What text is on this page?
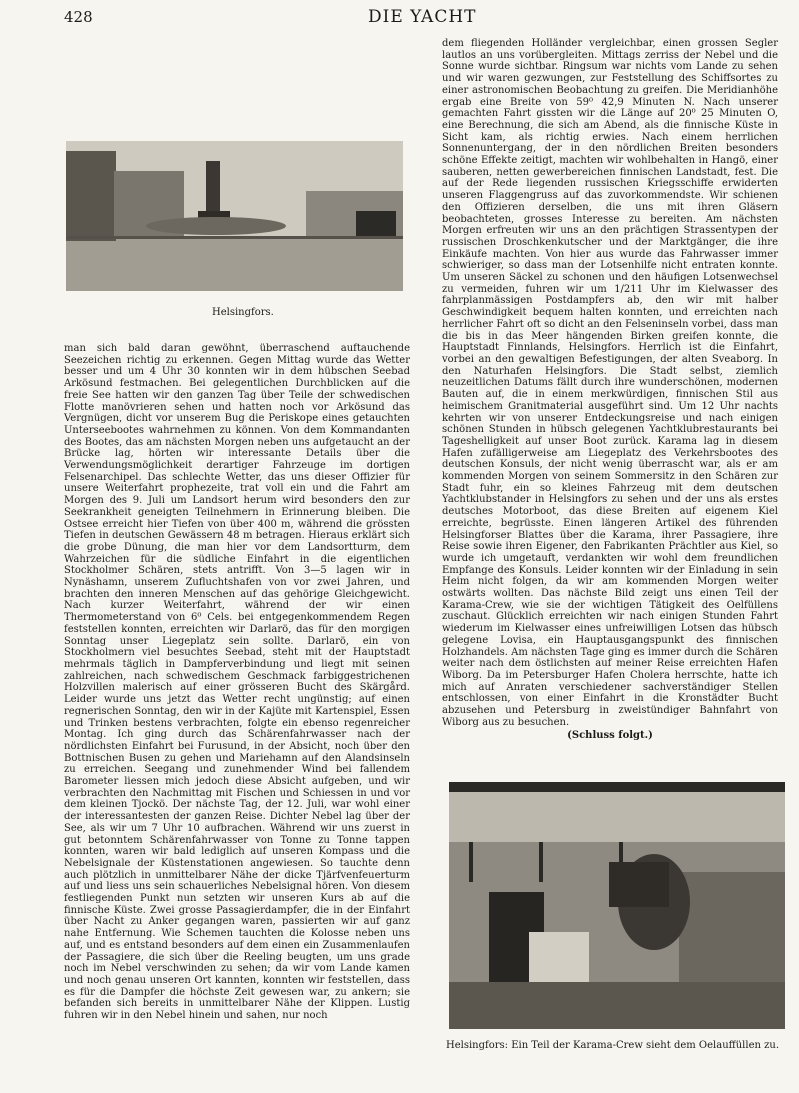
428	DIE YACHT
Helsingfors.

man sich bald daran gewöhnt, überraschend auftauchende Seezeichen richtig zu erkennen. Gegen Mittag wurde das Wetter besser und um 4 Uhr 30 konnten wir in dem hübschen Seebad Arkösund festmachen. Bei gelegentlichen Durchblicken auf die freie See hatten wir den ganzen Tag über Teile der schwedischen Flotte manövrieren sehen und hatten noch vor Arkösund das Vergnügen, dicht vor unserem Bug die Periskope eines getauchten Unterseebootes wahrnehmen zu können. Von dem Kommandanten des Bootes, das am nächsten Morgen neben uns aufgetaucht an der Brücke lag, hörten wir interessante Details über die Verwendungsmöglichkeit derartiger Fahrzeuge im dortigen Felsenarchipel. Das schlechte Wetter, das uns dieser Offizier für unsere Weiterfahrt prophezeite, trat voll ein und die Fahrt am Morgen des 9. Juli um Landsort herum wird besonders den zur Seekrankheit geneigten Teilnehmern in Erinnerung bleiben. Die Ostsee erreicht hier Tiefen von über 400 m, während die grössten Tiefen in deutschen Gewässern 48 m betragen. Hieraus erklärt sich die grobe Dünung, die man hier vor dem Landsortturm, dem Wahrzeichen für die südliche Einfahrt in die eigentlichen Stockholmer Schären, stets antrifft. Von 3—5 lagen wir in Nynäshamn, unserem Zufluchtshafen von vor zwei Jahren, und brachten den inneren Menschen auf das gehörige Gleichgewicht. Nach kurzer Weiterfahrt, während der wir einen Thermometerstand von 6⁰ Cels. bei entgegenkommendem Regen feststellen konnten, erreichten wir Darlarö, das für den morgigen Sonntag unser Liegeplatz sein sollte. Darlarö, ein von Stockholmern viel besuchtes Seebad, steht mit der Hauptstadt mehrmals täglich in Dampferverbindung und liegt mit seinen zahlreichen, nach schwedischem Geschmack farbiggestrichenen Holzvillen malerisch auf einer grösseren Bucht des Skärgård. Leider wurde uns jetzt das Wetter recht ungünstig; auf einen regnerischen Sonntag, den wir in der Kajüte mit Kartenspiel, Essen und Trinken bestens verbrachten, folgte ein ebenso regenreicher Montag. Ich ging durch das Schärenfahrwasser nach der nördlichsten Einfahrt bei Furusund, in der Absicht, noch über den Bottnischen Busen zu gehen und Mariehamn auf den Alandsinseln zu erreichen. Seegang und zunehmender Wind bei fallendem Barometer liessen mich jedoch diese Absicht aufgeben, und wir verbrachten den Nachmittag mit Fischen und Schiessen in und vor dem kleinen Tjockö. Der nächste Tag, der 12. Juli, war wohl einer der interessantesten der ganzen Reise. Dichter Nebel lag über der See, als wir um 7 Uhr 10 aufbrachen. Während wir uns zuerst in gut betonntem Schärenfahrwasser von Tonne zu Tonne tappen konnten, waren wir bald lediglich auf unseren Kompass und die Nebelsignale der Küstenstationen angewiesen. So tauchte denn auch plötzlich in unmittelbarer Nähe der dicke Tjärfvenfeuerturm auf und liess uns sein schauerliches Nebelsignal hören. Von diesem festliegenden Punkt nun setzten wir unseren Kurs ab auf die finnische Küste. Zwei grosse Passagierdampfer, die in der Einfahrt über Nacht zu Anker gegangen waren, passierten wir auf ganz nahe Entfernung. Wie Schemen tauchten die Kolosse neben uns auf, und es entstand besonders auf dem einen ein Zusammenlaufen der Passagiere, die sich über die Reeling beugten, um uns grade noch im Nebel verschwinden zu sehen; da wir vom Lande kamen und noch genau unseren Ort kannten, konnten wir feststellen, dass es für die Dampfer die höchste Zeit gewesen war, zu ankern; sie befanden sich bereits in unmittelbarer Nähe der Klippen. Lustig fuhren wir in den Nebel hinein und sahen, nur noch

dem fliegenden Holländer vergleichbar, einen grossen Segler lautlos an uns vorübergleiten. Mittags zerriss der Nebel und die Sonne wurde sichtbar. Ringsum war nichts vom Lande zu sehen und wir waren gezwungen, zur Feststellung des Schiffsortes zu einer astronomischen Beobachtung zu greifen. Die Meridianhöhe ergab eine Breite von 59⁰ 42,9 Minuten N. Nach unserer gemachten Fahrt gissten wir die Länge auf 20⁰ 25 Minuten O, eine Berechnung, die sich am Abend, als die finnische Küste in Sicht kam, als richtig erwies. Nach einem herrlichen Sonnenuntergang, der in den nördlichen Breiten besonders schöne Effekte zeitigt, machten wir wohlbehalten in Hangö, einer sauberen, netten gewerbereichen finnischen Landstadt, fest. Die auf der Rede liegenden russischen Kriegsschiffe erwiderten unseren Flaggengruss auf das zuvorkommendste. Wir schienen den Offizieren derselben, die uns mit ihren Gläsern beobachteten, grosses Interesse zu bereiten. Am nächsten Morgen erfreuten wir uns an den prächtigen Strassentypen der russischen Droschkenkutscher und der Marktgänger, die ihre Einkäufe machten. Von hier aus wurde das Fahrwasser immer schwieriger, so dass man der Lotsenhilfe nicht entraten konnte. Um unseren Säckel zu schonen und den häufigen Lotsenwechsel zu vermeiden, fuhren wir um 1/211 Uhr im Kielwasser des fahrplanmässigen Postdampfers ab, den wir mit halber Geschwindigkeit bequem halten konnten, und erreichten nach herrlicher Fahrt oft so dicht an den Felseninseln vorbei, dass man die bis in das Meer hängenden Birken greifen konnte, die Hauptstadt Finnlands, Helsingfors. Herrlich ist die Einfahrt, vorbei an den gewaltigen Befestigungen, der alten Sveaborg. In den Naturhafen Helsingfors. Die Stadt selbst, ziemlich neuzeitlichen Datums fällt durch ihre wunderschönen, modernen Bauten auf, die in einem merkwürdigen, finnischen Stil aus heimischem Granitmaterial ausgeführt sind. Um 12 Uhr nachts kehrten wir von unserer Entdeckungsreise und nach einigen schönen Stunden in hübsch gelegenen Yachtklubrestaurants bei Tageshelligkeit auf unser Boot zurück. Karama lag in diesem Hafen zufälligerweise am Liegeplatz des Verkehrsbootes des deutschen Konsuls, der nicht wenig überrascht war, als er am kommenden Morgen von seinem Sommersitz in den Schären zur Stadt fuhr, ein so kleines Fahrzeug mit dem deutschen Yachtklubstander in Helsingfors zu sehen und der uns als erstes deutsches Motorboot, das diese Breiten auf eigenem Kiel erreichte, begrüsste. Einen längeren Artikel des führenden Helsingforser Blattes über die Karama, ihrer Passagiere, ihre Reise sowie ihren Eigener, den Fabrikanten Prächtler aus Kiel, so wurde ich umgetauft, verdankten wir wohl dem freundlichen Empfange des Konsuls. Leider konnten wir der Einladung in sein Heim nicht folgen, da wir am kommenden Morgen weiter ostwärts wollten. Das nächste Bild zeigt uns einen Teil der Karama-Crew, wie sie der wichtigen Tätigkeit des Oelfüllens zuschaut. Glücklich erreichten wir nach einigen Stunden Fahrt wiederum im Kielwasser eines unfreiwilligen Lotsen das hübsch gelegene Lovisa, ein Hauptausgangspunkt des finnischen Holzhandels. Am nächsten Tage ging es immer durch die Schären weiter nach dem östlichsten auf meiner Reise erreichten Hafen Wiborg. Da im Petersburger Hafen Cholera herrschte, hatte ich mich auf Anraten verschiedener sachverständiger Stellen entschlossen, von einer Einfahrt in die Kronstädter Bucht abzusehen und Petersburg in zweistündiger Bahnfahrt von Wiborg aus zu besuchen.

(Schluss folgt.)
Helsingfors: Ein Teil der Karama-Crew sieht dem Oelauffüllen zu.
